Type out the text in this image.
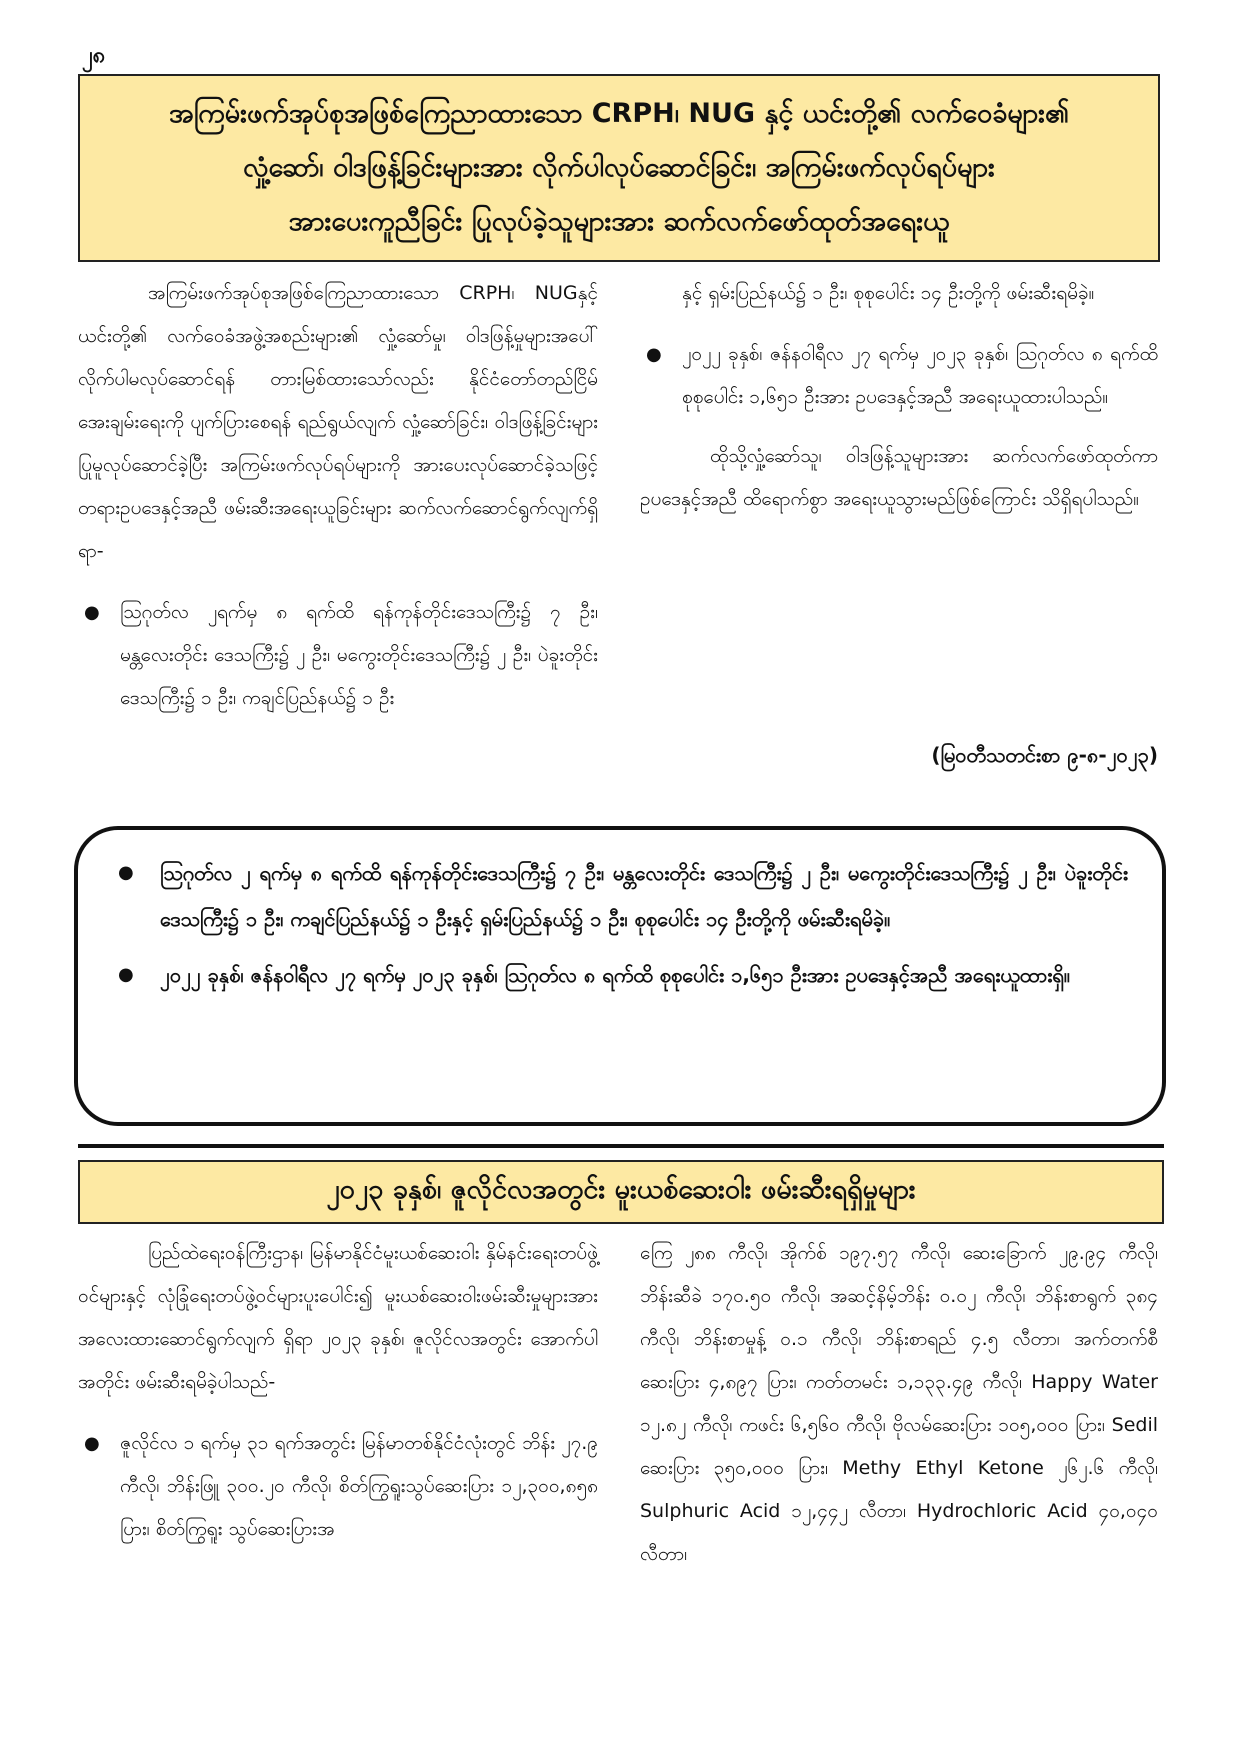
၂၈
အကြမ်းဖက်အုပ်စုအဖြစ်ကြေညာထားသော CRPH၊ NUG နှင့် ယင်းတို့၏ လက်ဝေခံများ၏
လှုံ့ဆော်၊ ဝါဒဖြန့်ခြင်းများအား လိုက်ပါလုပ်ဆောင်ခြင်း၊ အကြမ်းဖက်လုပ်ရပ်များ
အားပေးကူညီခြင်း ပြုလုပ်ခဲ့သူများအား ဆက်လက်ဖော်ထုတ်အရေးယူ

အကြမ်းဖက်အုပ်စုအဖြစ်ကြေညာထားသော CRPH၊ NUGနှင့် ယင်းတို့၏ လက်ဝေခံအဖွဲ့အစည်းများ၏ လှုံ့ဆော်မှု၊ ဝါဒဖြန့်မှုများအပေါ် လိုက်ပါမလုပ်ဆောင်ရန် တားမြစ်ထားသော်လည်း နိုင်ငံတော်တည်ငြိမ်အေးချမ်းရေးကို ပျက်ပြားစေရန် ရည်ရွယ်လျက် လှုံ့ဆော်ခြင်း၊ ဝါဒဖြန့်ခြင်းများ ပြုမူလုပ်ဆောင်ခဲ့ပြီး အကြမ်းဖက်လုပ်ရပ်များကို အားပေးလုပ်ဆောင်ခဲ့သဖြင့် တရားဥပဒေနှင့်အညီ ဖမ်းဆီးအရေးယူခြင်းများ ဆက်လက်ဆောင်ရွက်လျက်ရှိရာ-

● ဩဂုတ်လ ၂ရက်မှ ၈ ရက်ထိ ရန်ကုန်တိုင်းဒေသကြီး၌ ၇ ဦး၊ မန္တလေးတိုင်း ဒေသကြီး၌ ၂ ဦး၊ မကွေးတိုင်းဒေသကြီး၌ ၂ ဦး၊ ပဲခူးတိုင်းဒေသကြီး၌ ၁ ဦး၊ ကချင်ပြည်နယ်၌ ၁ ဦး

နှင့် ရှမ်းပြည်နယ်၌ ၁ ဦး၊ စုစုပေါင်း ၁၄ ဦးတို့ကို ဖမ်းဆီးရမိခဲ့။

● ၂၀၂၂ ခုနှစ်၊ ဇန်နဝါရီလ ၂၇ ရက်မှ ၂၀၂၃ ခုနှစ်၊ ဩဂုတ်လ ၈ ရက်ထိ စုစုပေါင်း ၁,၆၅၁ ဦးအား ဥပဒေနှင့်အညီ အရေးယူထားပါသည်။

ထိုသို့လှုံ့ဆော်သူ၊ ဝါဒဖြန့်သူများအား ဆက်လက်ဖော်ထုတ်ကာ ဥပဒေနှင့်အညီ ထိရောက်စွာ အရေးယူသွားမည်ဖြစ်ကြောင်း သိရှိရပါသည်။

(မြဝတီသတင်းစာ ၉-၈-၂၀၂၃)
● ဩဂုတ်လ ၂ ရက်မှ ၈ ရက်ထိ ရန်ကုန်တိုင်းဒေသကြီး၌ ၇ ဦး၊ မန္တလေးတိုင်း ဒေသကြီး၌ ၂ ဦး၊ မကွေးတိုင်းဒေသကြီး၌ ၂ ဦး၊ ပဲခူးတိုင်းဒေသကြီး၌ ၁ ဦး၊ ကချင်ပြည်နယ်၌ ၁ ဦးနှင့် ရှမ်းပြည်နယ်၌ ၁ ဦး၊ စုစုပေါင်း ၁၄ ဦးတို့ကို ဖမ်းဆီးရမိခဲ့။
● ၂၀၂၂ ခုနှစ်၊ ဇန်နဝါရီလ ၂၇ ရက်မှ ၂၀၂၃ ခုနှစ်၊ ဩဂုတ်လ ၈ ရက်ထိ စုစုပေါင်း ၁,၆၅၁ ဦးအား ဥပဒေနှင့်အညီ အရေးယူထားရှိ။
၂၀၂၃ ခုနှစ်၊ ဇူလိုင်လအတွင်း မူးယစ်ဆေးဝါး ဖမ်းဆီးရရှိမှုများ

ပြည်ထဲရေးဝန်ကြီးဌာန၊ မြန်မာနိုင်ငံမူးယစ်ဆေးဝါး နှိမ်နင်းရေးတပ်ဖွဲ့ဝင်များနှင့် လုံခြုံရေးတပ်ဖွဲ့ဝင်များပူးပေါင်း၍ မူးယစ်ဆေးဝါးဖမ်းဆီးမှုများအား အလေးထားဆောင်ရွက်လျက် ရှိရာ ၂၀၂၃ ခုနှစ်၊ ဇူလိုင်လအတွင်း အောက်ပါအတိုင်း ဖမ်းဆီးရမိခဲ့ပါသည်-

● ဇူလိုင်လ ၁ ရက်မှ ၃၁ ရက်အတွင်း မြန်မာတစ်နိုင်ငံလုံးတွင် ဘိန်း ၂၇.၉ ကီလို၊ ဘိန်းဖြူ ၃၀၀.၂၀ ကီလို၊ စိတ်ကြွရူးသွပ်ဆေးပြား ၁၂,၃၀၀,၈၅၈ ပြား၊ စိတ်ကြွရူး သွပ်ဆေးပြားအ

ကြေ ၂၈၈ ကီလို၊ အိုက်စ် ၁၉၇.၅၇ ကီလို၊ ဆေးခြောက် ၂၉.၉၄ ကီလို၊ ဘိန်းဆီခဲ ၁၇၀.၅၀ ကီလို၊ အဆင့်နိမ့်ဘိန်း ၀.၀၂ ကီလို၊ ဘိန်းစာရွက် ၃၈၄ ကီလို၊ ဘိန်းစာမှုန့် ၀.၁ ကီလို၊ ဘိန်းစာရည် ၄.၅ လီတာ၊ အက်တက်စီဆေးပြား ၄,၈၉၇ ပြား၊ ကတ်တမင်း ၁,၁၃၃.၄၉ ကီလို၊ Happy Water ၁၂.၈၂ ကီလို၊ ကဖင်း ၆,၅၆၀ ကီလို၊ ဗိုလမ်ဆေးပြား ၁၀၅,၀၀၀ ပြား၊ Sedil ဆေးပြား ၃၅၀,၀၀၀ ပြား၊ Methy Ethyl Ketone ၂၆၂.၆ ကီလို၊ Sulphuric Acid ၁၂,၄၄၂ လီတာ၊ Hydrochloric Acid ၄၀,၀၄၀ လီတာ၊
